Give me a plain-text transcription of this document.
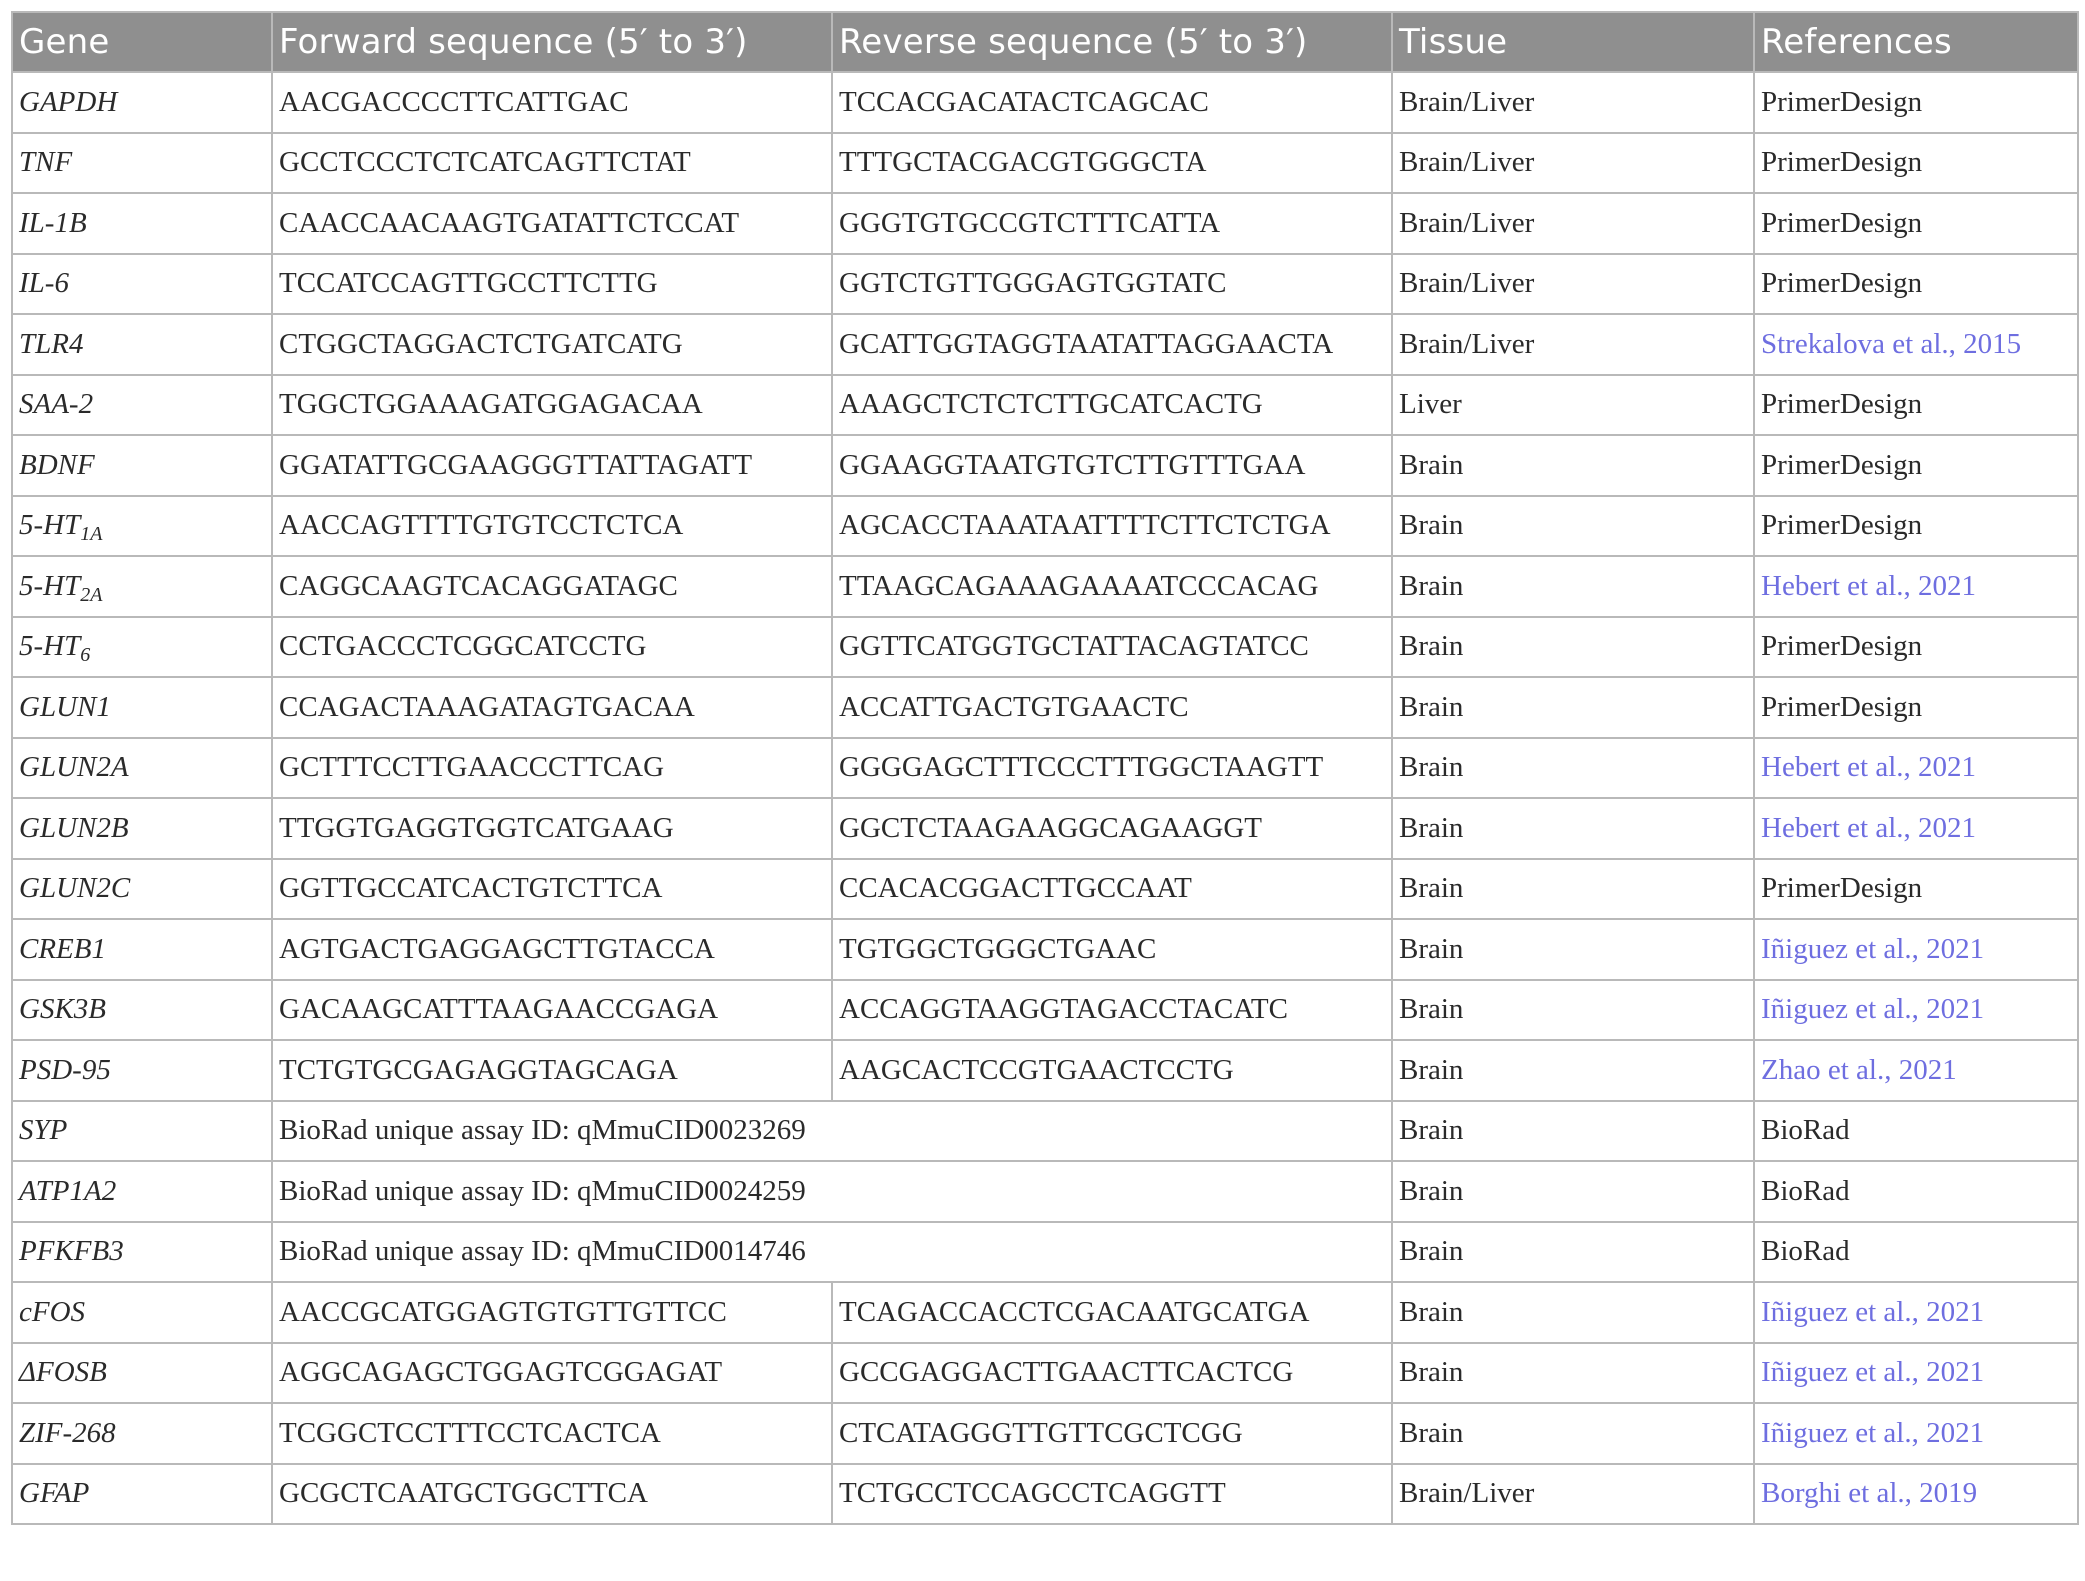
Gene	Forward sequence (5′ to 3′)	Reverse sequence (5′ to 3′)	Tissue	References
GAPDH	AACGACCCCTTCATTGAC	TCCACGACATACTCAGCAC	Brain/Liver	PrimerDesign
TNF	GCCTCCCTCTCATCAGTTCTAT	TTTGCTACGACGTGGGCTA	Brain/Liver	PrimerDesign
IL-1B	CAACCAACAAGTGATATTCTCCAT	GGGTGTGCCGTCTTTCATTA	Brain/Liver	PrimerDesign
IL-6	TCCATCCAGTTGCCTTCTTG	GGTCTGTTGGGAGTGGTATC	Brain/Liver	PrimerDesign
TLR4	CTGGCTAGGACTCTGATCATG	GCATTGGTAGGTAATATTAGGAACTA	Brain/Liver	Strekalova et al., 2015
SAA-2	TGGCTGGAAAGATGGAGACAA	AAAGCTCTCTCTTGCATCACTG	Liver	PrimerDesign
BDNF	GGATATTGCGAAGGGTTATTAGATT	GGAAGGTAATGTGTCTTGTTTGAA	Brain	PrimerDesign
$5-HT_{1A}$	AACCAGTTTTGTGTCCTCTCA	AGCACCTAAATAATTTTCTTCTCTGA	Brain	PrimerDesign
$5-HT_{2A}$	CAGGCAAGTCACAGGATAGC	TTAAGCAGAAAGAAAATCCCACAG	Brain	Hebert et al., 2021
$5-HT_6$	CCTGACCCTCGGCATCCTG	GGTTCATGGTGCTATTACAGTATCC	Brain	PrimerDesign
GLUN1	CCAGACTAAAGATAGTGACAA	ACCATTGACTGTGAACTC	Brain	PrimerDesign
GLUN2A	GCTTTCCTTGAACCCTTCAG	GGGGAGCTTTCCCTTTGGCTAAGTT	Brain	Hebert et al., 2021
GLUN2B	TTGGTGAGGTGGTCATGAAG	GGCTCTAAGAAGGCAGAAGGT	Brain	Hebert et al., 2021
GLUN2C	GGTTGCCATCACTGTCTTCA	CCACACGGACTTGCCAAT	Brain	PrimerDesign
CREB1	AGTGACTGAGGAGCTTGTACCA	TGTGGCTGGGCTGAAC	Brain	Iñiguez et al., 2021
GSK3B	GACAAGCATTTAAGAACCGAGA	ACCAGGTAAGGTAGACCTACATC	Brain	Iñiguez et al., 2021
PSD-95	TCTGTGCGAGAGGTAGCAGA	AAGCACTCCGTGAACTCCTG	Brain	Zhao et al., 2021
SYP	BioRad unique assay ID: qMmuCID0023269		Brain	BioRad
ATP1A2	BioRad unique assay ID: qMmuCID0024259		Brain	BioRad
PFKFB3	BioRad unique assay ID: qMmuCID0014746		Brain	BioRad
cFOS	AACCGCATGGAGTGTGTTGTTCC	TCAGACCACCTCGACAATGCATGA	Brain	Iñiguez et al., 2021
ΔFOSB	AGGCAGAGCTGGAGTCGGAGAT	GCCGAGGACTTGAACTTCACTCG	Brain	Iñiguez et al., 2021
ZIF-268	TCGGCTCCTTTCCTCACTCA	CTCATAGGGTTGTTCGCTCGG	Brain	Iñiguez et al., 2021
GFAP	GCGCTCAATGCTGGCTTCA	TCTGCCTCCAGCCTCAGGTT	Brain/Liver	Borghi et al., 2019
